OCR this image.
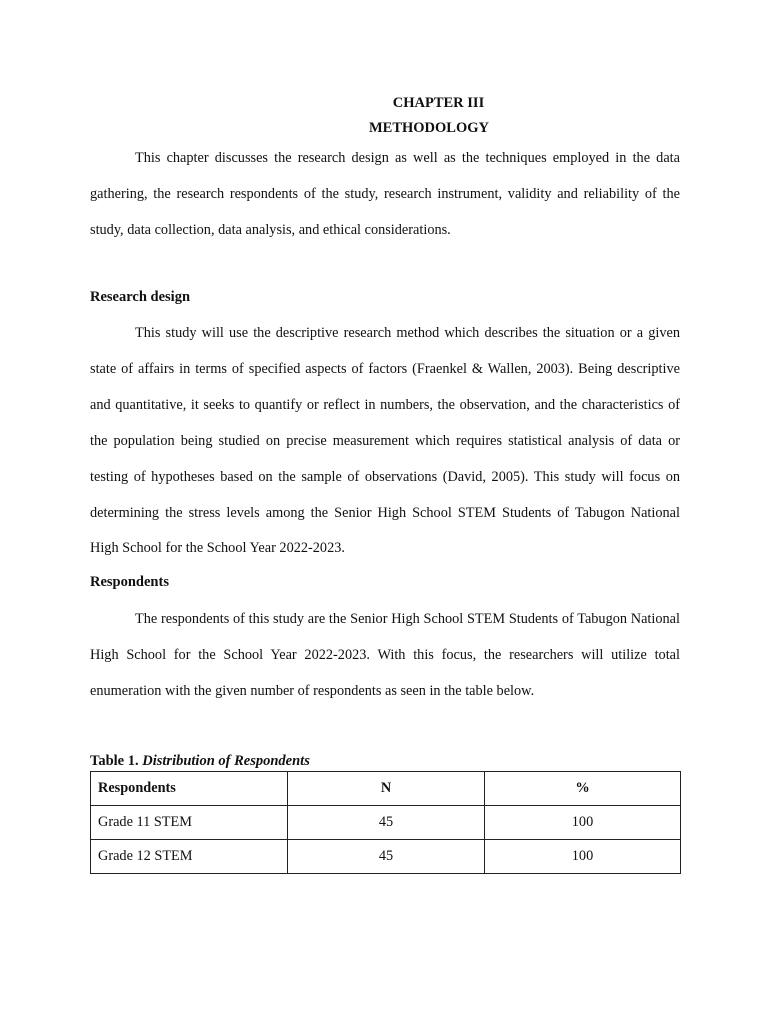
CHAPTER III
METHODOLOGY

This chapter discusses the research design as well as the techniques employed in the data gathering, the research respondents of the study, research instrument, validity and reliability of the study, data collection, data analysis, and ethical considerations.

Research design

This study will use the descriptive research method which describes the situation or a given state of affairs in terms of specified aspects of factors (Fraenkel & Wallen, 2003). Being descriptive and quantitative, it seeks to quantify or reflect in numbers, the observation, and the characteristics of the population being studied on precise measurement which requires statistical analysis of data or testing of hypotheses based on the sample of observations (David, 2005). This study will focus on determining the stress levels among the Senior High School STEM Students of Tabugon National High School for the School Year 2022-2023.

Respondents

The respondents of this study are the Senior High School STEM Students of Tabugon National High School for the School Year 2022-2023. With this focus, the researchers will utilize total enumeration with the given number of respondents as seen in the table below.

Table 1. Distribution of Respondents

Respondents	N	%
Grade 11 STEM	45	100
Grade 12 STEM	45	100
